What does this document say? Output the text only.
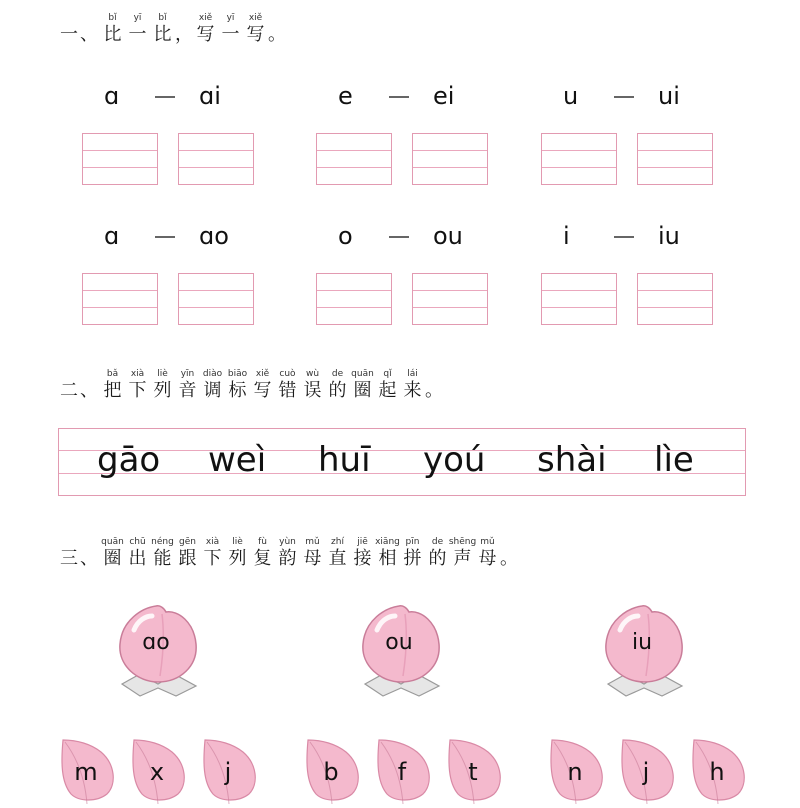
一、
bǐ
比
yī
一
bǐ
比 ，
xiě
写
yī
一
xiě
写 。
二、
bǎ
把
xià
下
liè
列
yīn
音
diào
调
biāo
标
xiě
写
cuò
错
wù
误
de
的
quān
圈
qǐ
起
lái
来 。
三、
quān
圈
chū
出
néng
能
gēn
跟
xià
下
liè
列
fù
复
yùn
韵
mǔ
母
zhí
直
jiē
接
xiāng
相
pīn
拼
de
的
shēng
声
mǔ
母 。
ɑ	ɑi	e	ei	u	ui
ɑ	ɑo	o	ou	i	iu
gāo weì huī yoú shài lìe
ɑo	ou	iu
m	x	j	b	f	t	n	j	h
